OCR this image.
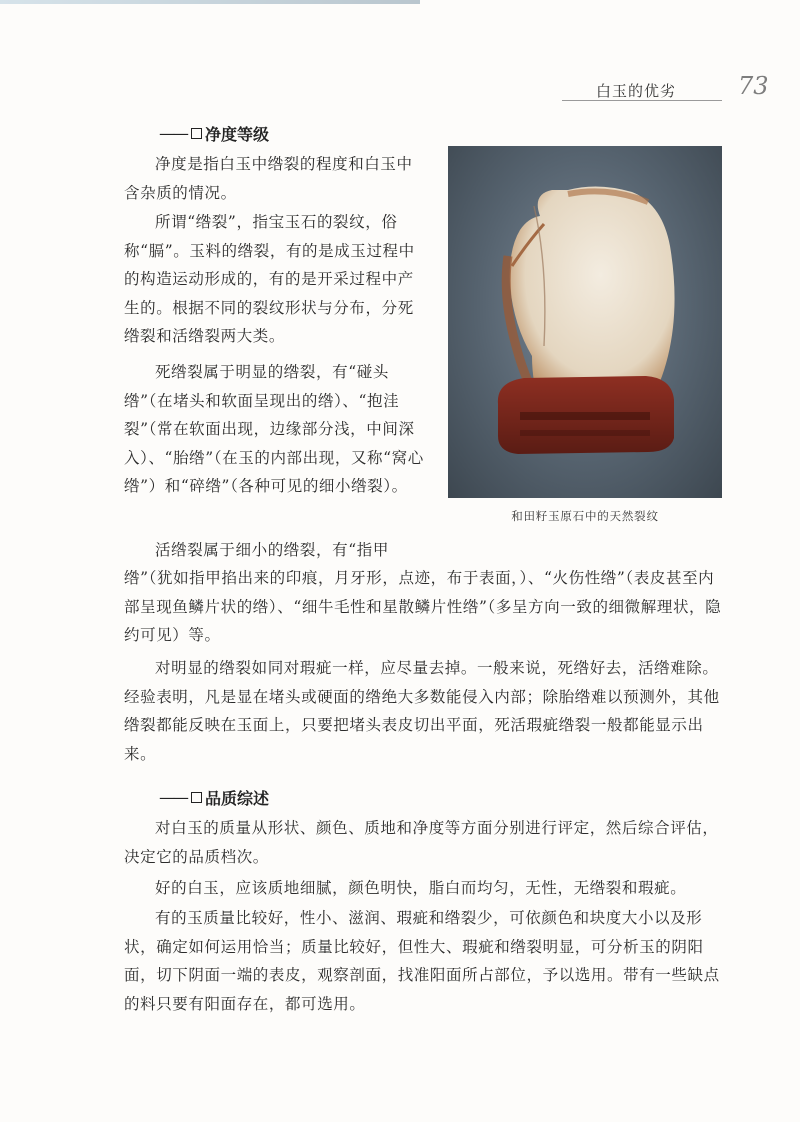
白玉的优劣	73
—— 净度等级

净度是指白玉中绺裂的程度和白玉中含杂质的情况。

所谓“绺裂”，指宝玉石的裂纹，俗称“膈”。玉料的绺裂，有的是成玉过程中的构造运动形成的，有的是开采过程中产生的。根据不同的裂纹形状与分布，分死绺裂和活绺裂两大类。

死绺裂属于明显的绺裂，有“碰头绺”（在堵头和软面呈现出的绺）、“抱洼裂”（常在软面出现，边缘部分浅，中间深入）、“胎绺”（在玉的内部出现，又称“窝心绺”）和“碎绺”（各种可见的细小绺裂）。

活绺裂属于细小的绺裂，有“指甲

绺”（犹如指甲掐出来的印痕，月牙形，点迹，布于表面，）、“火伤性绺”（表皮甚至内部呈现鱼鳞片状的绺）、“细牛毛性和星散鳞片性绺”（多呈方向一致的细微解理状，隐约可见）等。

对明显的绺裂如同对瑕疵一样，应尽量去掉。一般来说，死绺好去，活绺难除。经验表明，凡是显在堵头或硬面的绺绝大多数能侵入内部；除胎绺难以预测外，其他绺裂都能反映在玉面上，只要把堵头表皮切出平面，死活瑕疵绺裂一般都能显示出来。

和田籽玉原石中的天然裂纹
—— 品质综述

对白玉的质量从形状、颜色、质地和净度等方面分别进行评定，然后综合评估，决定它的品质档次。

好的白玉，应该质地细腻，颜色明快，脂白而均匀，无性，无绺裂和瑕疵。

有的玉质量比较好，性小、滋润、瑕疵和绺裂少，可依颜色和块度大小以及形状，确定如何运用恰当；质量比较好，但性大、瑕疵和绺裂明显，可分析玉的阴阳面，切下阴面一端的表皮，观察剖面，找准阳面所占部位，予以选用。带有一些缺点的料只要有阳面存在，都可选用。
